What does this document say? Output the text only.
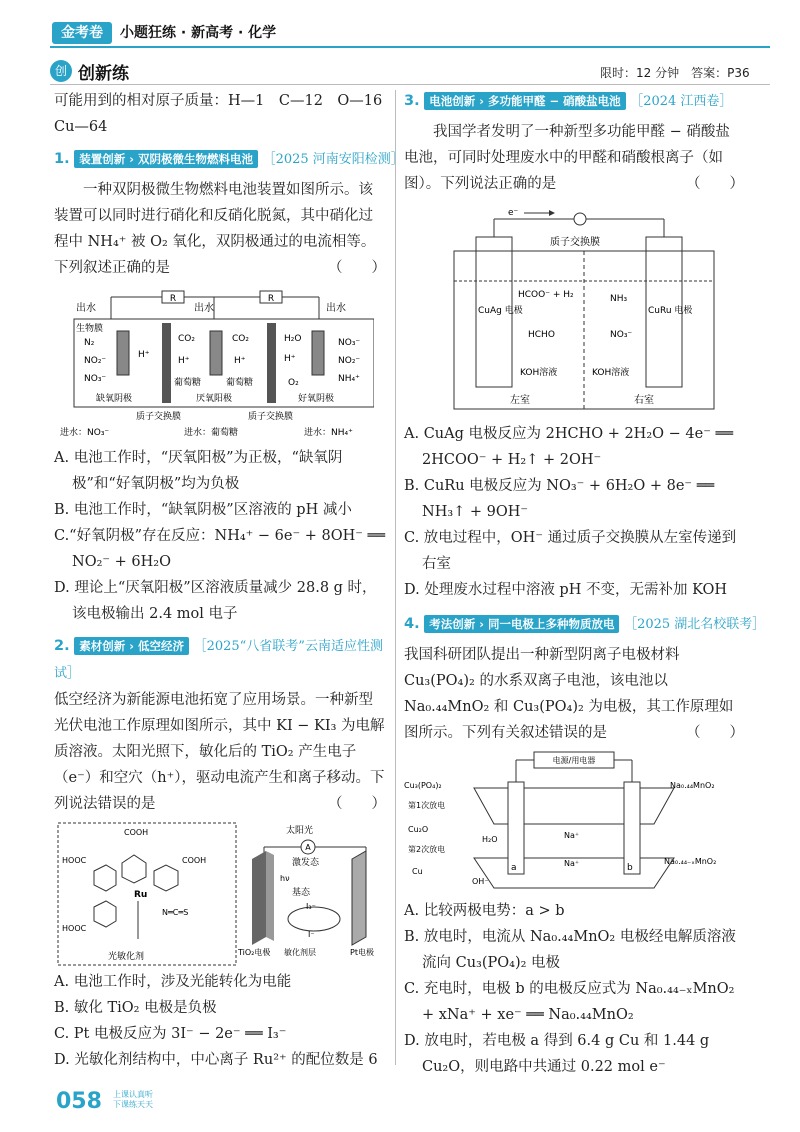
金考卷	小题狂练 · 新高考 · 化学
创 创新练	限时：12 分钟　答案：P36

可能用到的相对原子质量：H—1　C—12　O—16

Cu—64

1. 装置创新 › 双阴极微生物燃料电池 ［2025 河南安阳检测］

一种双阴极微生物燃料电池装置如图所示。该装置可以同时进行硝化和反硝化脱氮，其中硝化过程中 NH₄⁺ 被 O₂ 氧化，双阴极通过的电流相等。下列叙述正确的是	（　　）

R	R
出水	出水	出水
生物膜
N₂
NO₂⁻
NO₃⁻
H⁺
CO₂
H⁺
葡萄糖
CO₂
H⁺
葡萄糖
H₂O
H⁺
O₂
NO₃⁻
NO₂⁻
NH₄⁺
缺氧阴极	厌氧阳极	好氧阴极
质子交换膜	质子交换膜
进水：NO₃⁻	进水：葡萄糖	进水：NH₄⁺

A. 电池工作时，“厌氧阳极”为正极，“缺氧阴极”和“好氧阴极”均为负极

B. 电池工作时，“缺氧阴极”区溶液的 pH 减小

C.“好氧阴极”存在反应：NH₄⁺ − 6e⁻ + 8OH⁻ ══ NO₂⁻ + 6H₂O

D. 理论上“厌氧阳极”区溶液质量减少 28.8 g 时，该电极输出 2.4 mol 电子

2. 素材创新 › 低空经济 ［2025“八省联考”云南适应性测试］

低空经济为新能源电池拓宽了应用场景。一种新型光伏电池工作原理如图所示，其中 KI − KI₃ 为电解质溶液。太阳光照下，敏化后的 TiO₂ 产生电子（e⁻）和空穴（h⁺），驱动电流产生和离子移动。下列说法错误的是	（　　）

COOH
HOOC	COOH
HOOC
Ru
N═C═S
光敏化剂
太阳光
A
激发态
hν
基态
I₃⁻
I⁻
TiO₂电极 敏化剂层	Pt电极

A. 电池工作时，涉及光能转化为电能

B. 敏化 TiO₂ 电极是负极

C. Pt 电极反应为 3I⁻ − 2e⁻ ══ I₃⁻

D. 光敏化剂结构中，中心离子 Ru²⁺ 的配位数是 6

3. 电池创新 › 多功能甲醛 − 硝酸盐电池 ［2024 江西卷］

我国学者发明了一种新型多功能甲醛 − 硝酸盐电池，可同时处理废水中的甲醛和硝酸根离子（如图）。下列说法正确的是	（　　）

e⁻
质子交换膜
CuAg 电极	CuRu 电极
HCOO⁻ + H₂
HCHO
KOH溶液
NH₃
NO₃⁻
KOH溶液
左室	右室

A. CuAg 电极反应为 2HCHO + 2H₂O − 4e⁻ ══ 2HCOO⁻ + H₂↑ + 2OH⁻

B. CuRu 电极反应为 NO₃⁻ + 6H₂O + 8e⁻ ══ NH₃↑ + 9OH⁻

C. 放电过程中，OH⁻ 通过质子交换膜从左室传递到右室

D. 处理废水过程中溶液 pH 不变，无需补加 KOH

4. 考法创新 › 同一电极上多种物质放电 ［2025 湖北名校联考］

我国科研团队提出一种新型阴离子电极材料 Cu₃(PO₄)₂ 的水系双离子电池，该电池以 Na₀.₄₄MnO₂ 和 Cu₃(PO₄)₂ 为电极，其工作原理如图所示。下列有关叙述错误的是	（　　）

电源/用电器
a	b
Cu₃(PO₄)₂
第1次放电
Cu₂O
第2次放电
Cu
H₂O
OH⁻
Na⁺
Na⁺
Na₀.₄₄MnO₂
Na₀.₄₄₋ₓMnO₂

A. 比较两极电势：a > b

B. 放电时，电流从 Na₀.₄₄MnO₂ 电极经电解质溶液流向 Cu₃(PO₄)₂ 电极

C. 充电时，电极 b 的电极反应式为 Na₀.₄₄₋ₓMnO₂ + xNa⁺ + xe⁻ ══ Na₀.₄₄MnO₂

D. 放电时，若电极 a 得到 6.4 g Cu 和 1.44 g Cu₂O，则电路中共通过 0.22 mol e⁻

058 上课认真听
下课练天天
